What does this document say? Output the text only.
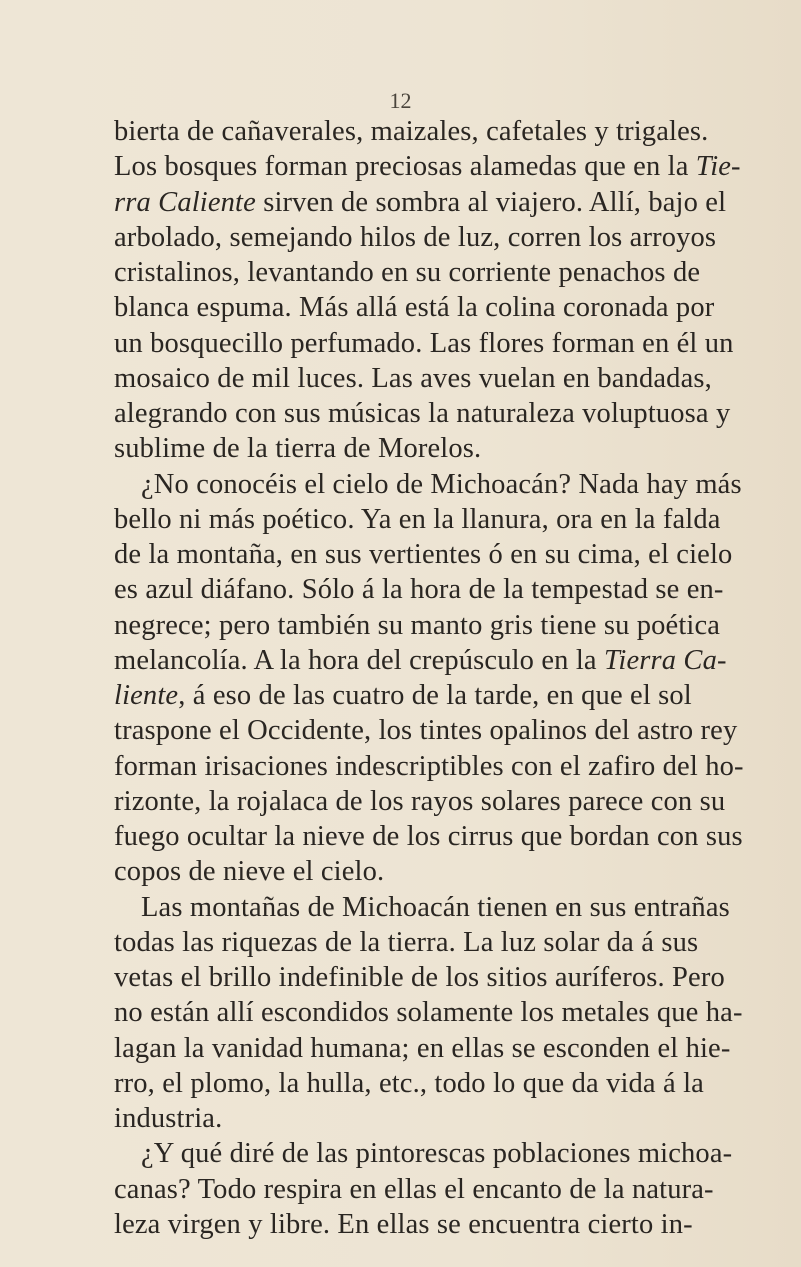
12
bierta de cañaverales, maizales, cafetales y trigales.
Los bosques forman preciosas alamedas que en la Tie-
rra Caliente sirven de sombra al viajero. Allí, bajo el
arbolado, semejando hilos de luz, corren los arroyos
cristalinos, levantando en su corriente penachos de
blanca espuma. Más allá está la colina coronada por
un bosquecillo perfumado. Las flores forman en él un
mosaico de mil luces. Las aves vuelan en bandadas,
alegrando con sus músicas la naturaleza voluptuosa y
sublime de la tierra de Morelos.
¿No conocéis el cielo de Michoacán? Nada hay más
bello ni más poético. Ya en la llanura, ora en la falda
de la montaña, en sus vertientes ó en su cima, el cielo
es azul diáfano. Sólo á la hora de la tempestad se en-
negrece; pero también su manto gris tiene su poética
melancolía. A la hora del crepúsculo en la Tierra Ca-
liente, á eso de las cuatro de la tarde, en que el sol
traspone el Occidente, los tintes opalinos del astro rey
forman irisaciones indescriptibles con el zafiro del ho-
rizonte, la rojalaca de los rayos solares parece con su
fuego ocultar la nieve de los cirrus que bordan con sus
copos de nieve el cielo.
Las montañas de Michoacán tienen en sus entrañas
todas las riquezas de la tierra. La luz solar da á sus
vetas el brillo indefinible de los sitios auríferos. Pero
no están allí escondidos solamente los metales que ha-
lagan la vanidad humana; en ellas se esconden el hie-
rro, el plomo, la hulla, etc., todo lo que da vida á la
industria.
¿Y qué diré de las pintorescas poblaciones michoa-
canas? Todo respira en ellas el encanto de la natura-
leza virgen y libre. En ellas se encuentra cierto in-
